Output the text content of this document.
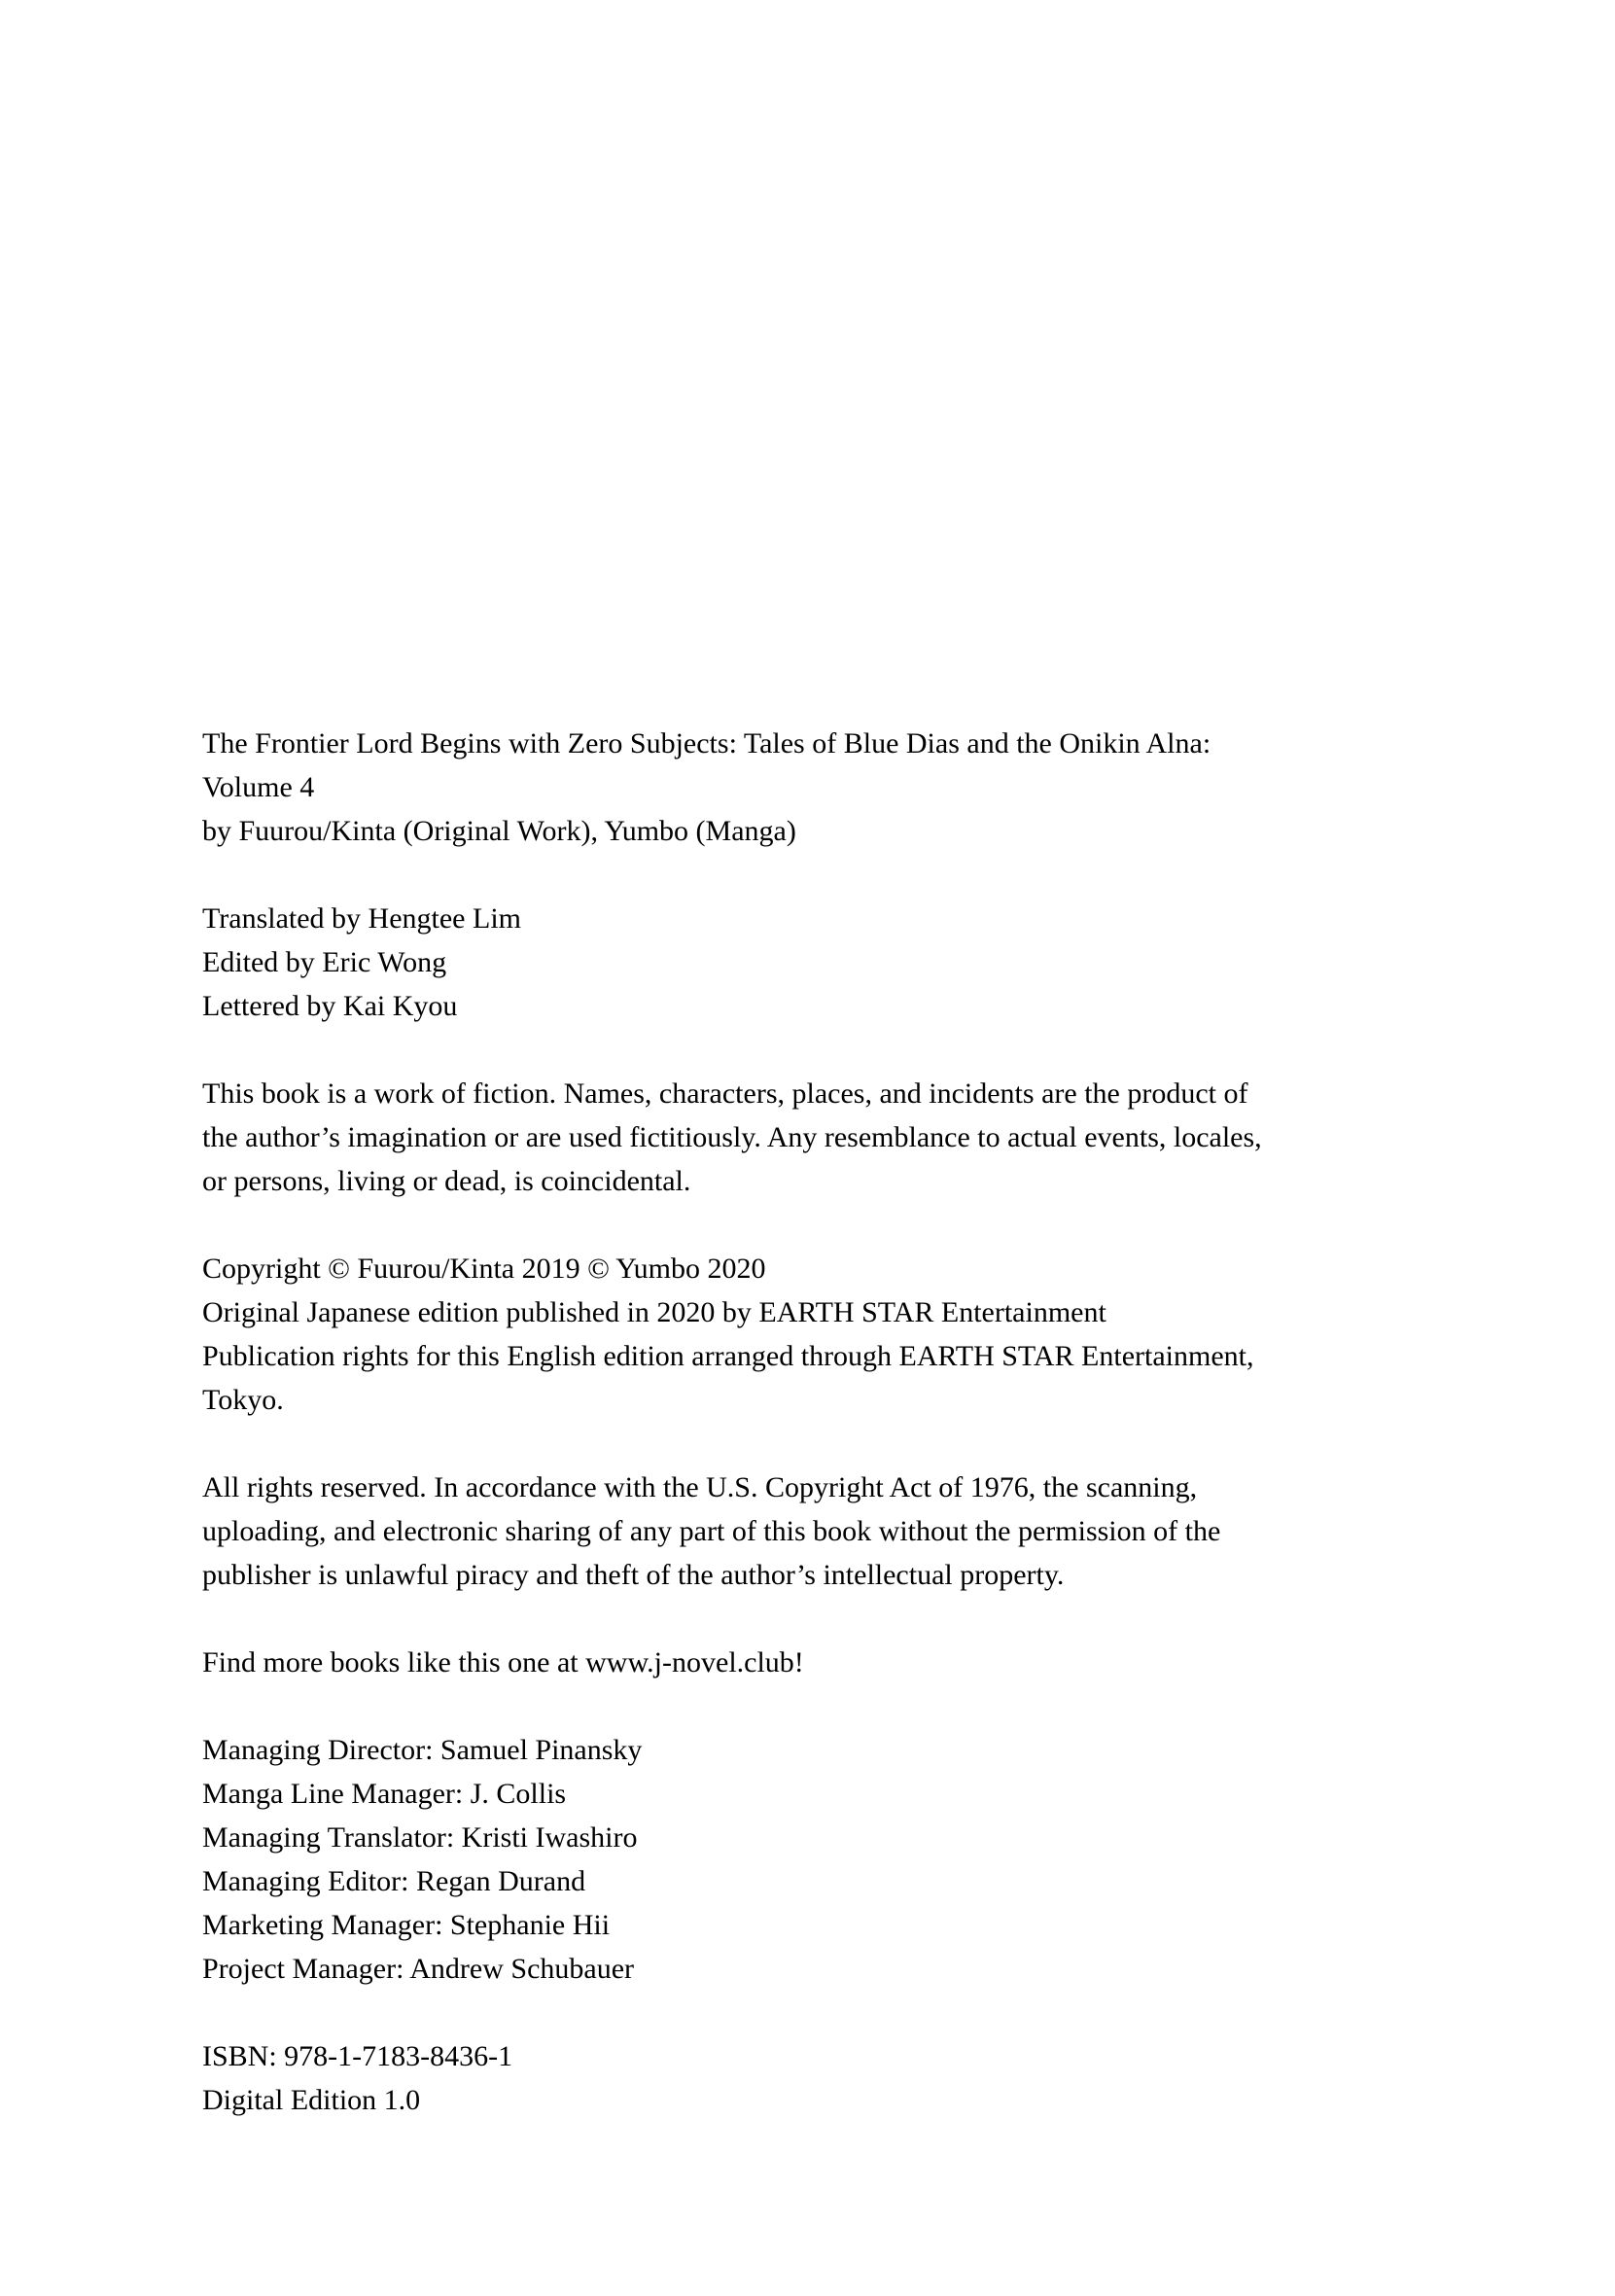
The Frontier Lord Begins with Zero Subjects: Tales of Blue Dias and the Onikin Alna:
Volume 4
by Fuurou/Kinta (Original Work), Yumbo (Manga)
Translated by Hengtee Lim
Edited by Eric Wong
Lettered by Kai Kyou
This book is a work of fiction. Names, characters, places, and incidents are the product of
the author’s imagination or are used fictitiously. Any resemblance to actual events, locales,
or persons, living or dead, is coincidental.
Copyright © Fuurou/Kinta 2019 © Yumbo 2020
Original Japanese edition published in 2020 by EARTH STAR Entertainment
Publication rights for this English edition arranged through EARTH STAR Entertainment,
Tokyo.
All rights reserved. In accordance with the U.S. Copyright Act of 1976, the scanning,
uploading, and electronic sharing of any part of this book without the permission of the
publisher is unlawful piracy and theft of the author’s intellectual property.
Find more books like this one at www.j-novel.club!
Managing Director: Samuel Pinansky
Manga Line Manager: J. Collis
Managing Translator: Kristi Iwashiro
Managing Editor: Regan Durand
Marketing Manager: Stephanie Hii
Project Manager: Andrew Schubauer
ISBN: 978-1-7183-8436-1
Digital Edition 1.0
